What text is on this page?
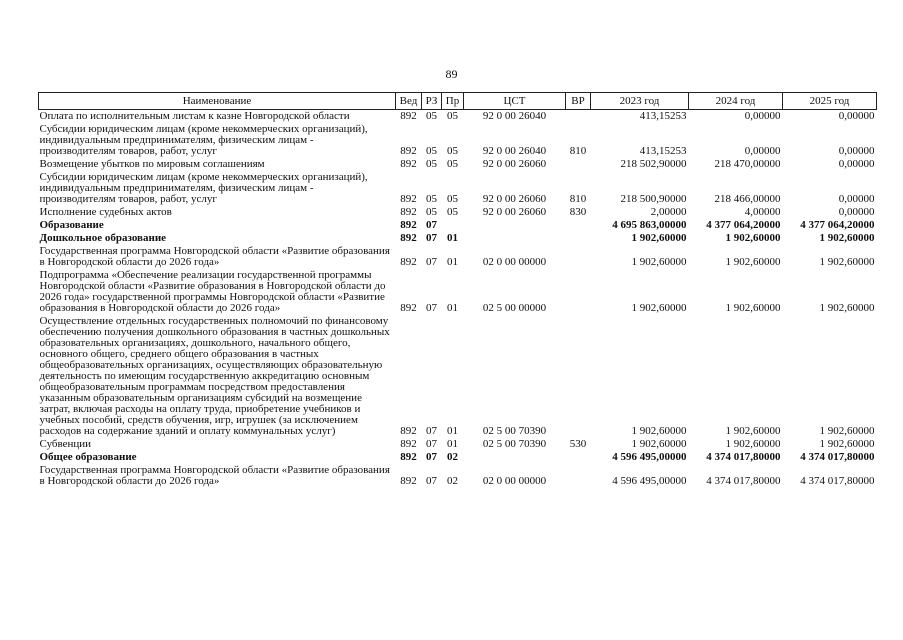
89
Наименование	Вед	РЗ	Пр	ЦСТ	ВР	2023 год	2024 год	2025 год
Оплата по исполнительным листам к казне Новгородской области	892	05	05	92 0 00 26040		413,15253	0,00000	0,00000
Субсидии юридическим лицам (кроме некоммерческих организаций), индивидуальным предпринимателям, физическим лицам - производителям товаров, работ, услуг	892	05	05	92 0 00 26040	810	413,15253	0,00000	0,00000
Возмещение убытков по мировым соглашениям	892	05	05	92 0 00 26060		218 502,90000	218 470,00000	0,00000
Субсидии юридическим лицам (кроме некоммерческих организаций), индивидуальным предпринимателям, физическим лицам - производителям товаров, работ, услуг	892	05	05	92 0 00 26060	810	218 500,90000	218 466,00000	0,00000
Исполнение судебных актов	892	05	05	92 0 00 26060	830	2,00000	4,00000	0,00000
Образование	892	07				4 695 863,00000	4 377 064,20000	4 377 064,20000
Дошкольное образование	892	07	01			1 902,60000	1 902,60000	1 902,60000
Государственная программа Новгородской области «Развитие образования в Новгородской области до 2026 года»	892	07	01	02 0 00 00000		1 902,60000	1 902,60000	1 902,60000
Подпрограмма «Обеспечение реализации государственной программы Новгородской области «Развитие образования в Новгородской области до 2026 года» государственной программы Новгородской области «Развитие образования в Новгородской области до 2026 года»	892	07	01	02 5 00 00000		1 902,60000	1 902,60000	1 902,60000
Осуществление отдельных государственных полномочий по финансовому обеспечению получения дошкольного образования в частных дошкольных образовательных организациях, дошкольного, начального общего, основного общего, среднего общего образования в частных общеобразовательных организациях, осуществляющих образовательную деятельность по имеющим государственную аккредитацию основным общеобразовательным программам посредством предоставления указанным образовательным организациям субсидий на возмещение затрат, включая расходы на оплату труда, приобретение учебников и учебных пособий, средств обучения, игр, игрушек (за исключением расходов на содержание зданий и оплату коммунальных услуг)	892	07	01	02 5 00 70390		1 902,60000	1 902,60000	1 902,60000
Субвенции	892	07	01	02 5 00 70390	530	1 902,60000	1 902,60000	1 902,60000
Общее образование	892	07	02			4 596 495,00000	4 374 017,80000	4 374 017,80000
Государственная программа Новгородской области «Развитие образования в Новгородской области до 2026 года»	892	07	02	02 0 00 00000		4 596 495,00000	4 374 017,80000	4 374 017,80000
